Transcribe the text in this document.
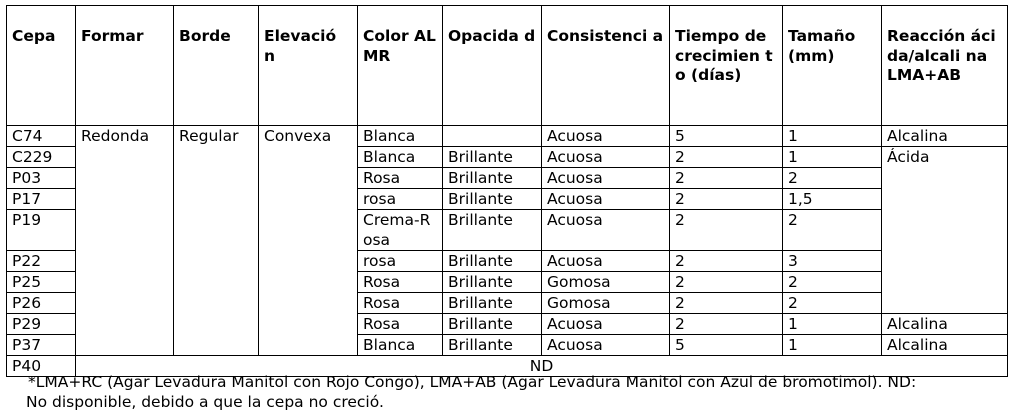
Cepa	Formar	Borde	Elevació n	Color ALMR	Opacida d	Consistenci a	Tiempo de crecimien to (días)	Tamaño (mm)	Reacción ácida/alcali na LMA+AB
C74	Redonda	Regular	Convexa	Blanca		Acuosa	5	1	Alcalina
C229				Blanca	Brillante	Acuosa	2	1	Ácida
P03				Rosa	Brillante	Acuosa	2	2	
P17				rosa	Brillante	Acuosa	2	1,5	
P19				Crema-Rosa	Brillante	Acuosa	2	2	
P22				rosa	Brillante	Acuosa	2	3	
P25				Rosa	Brillante	Gomosa	2	2	
P26				Rosa	Brillante	Gomosa	2	2	
P29				Rosa	Brillante	Acuosa	2	1	Alcalina
P37				Blanca	Brillante	Acuosa	5	1	Alcalina
P40	ND								
*LMA+RC (Agar Levadura Manitol con Rojo Congo), LMA+AB (Agar Levadura Manitol con Azul de bromotimol). ND:
No disponible, debido a que la cepa no creció.
